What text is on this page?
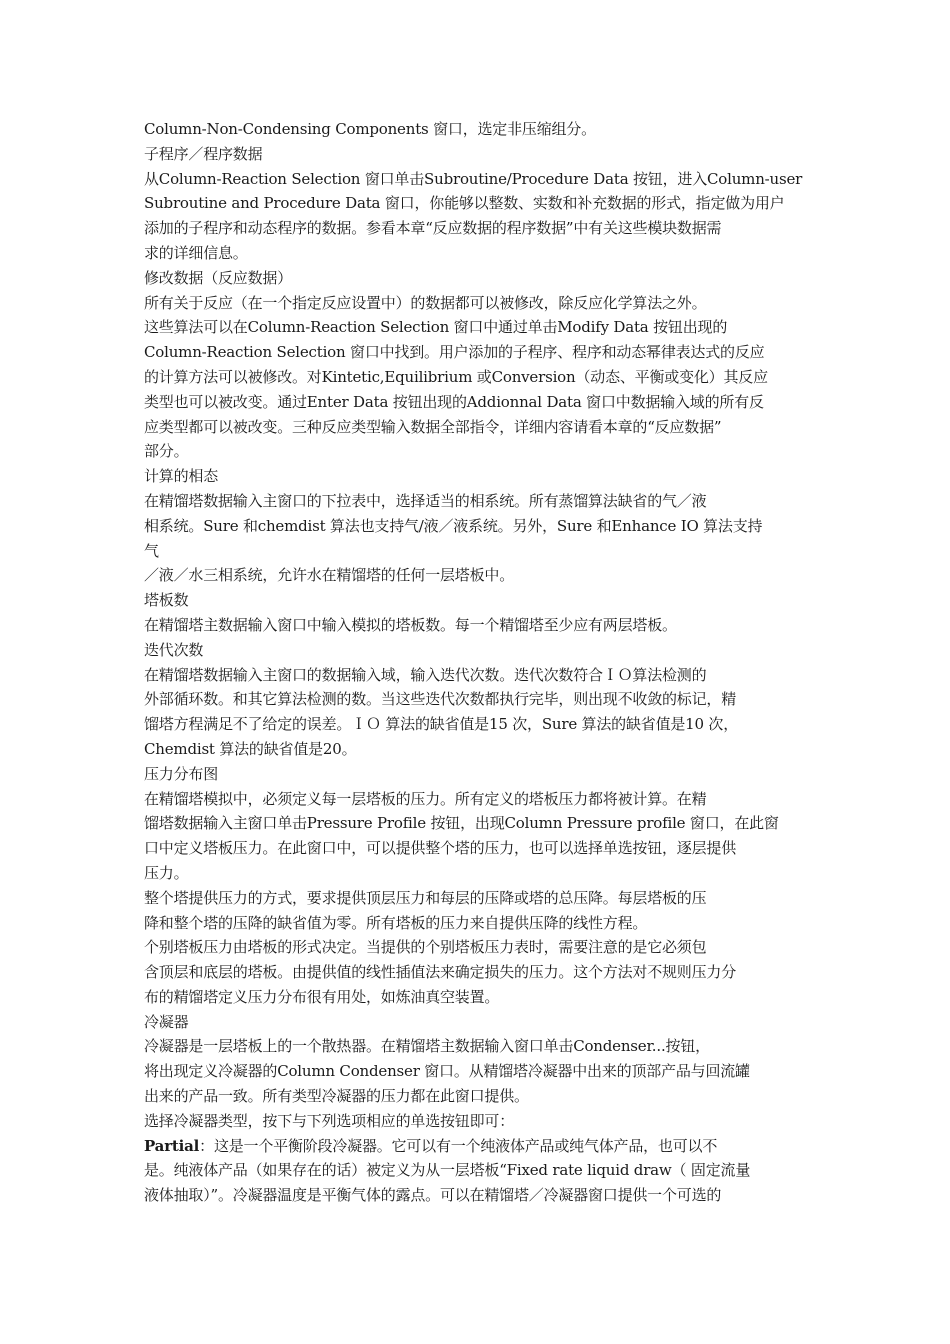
Column-Non-Condensing Components 窗口，选定非压缩组分。
子程序／程序数据
从Column-Reaction Selection 窗口单击Subroutine/Procedure Data 按钮，进入Column-user
Subroutine and Procedure Data 窗口，你能够以整数、实数和补充数据的形式，指定做为用户
添加的子程序和动态程序的数据。参看本章“反应数据的程序数据”中有关这些模块数据需
求的详细信息。
修改数据（反应数据）
所有关于反应（在一个指定反应设置中）的数据都可以被修改，除反应化学算法之外。
这些算法可以在Column-Reaction Selection 窗口中通过单击Modify Data 按钮出现的
Column-Reaction Selection 窗口中找到。用户添加的子程序、程序和动态幂律表达式的反应
的计算方法可以被修改。对Kintetic,Equilibrium 或Conversion（动态、平衡或变化）其反应
类型也可以被改变。通过Enter Data 按钮出现的Addionnal Data 窗口中数据输入域的所有反
应类型都可以被改变。三种反应类型输入数据全部指令，详细内容请看本章的“反应数据”
部分。
计算的相态
在精馏塔数据输入主窗口的下拉表中，选择适当的相系统。所有蒸馏算法缺省的气／液
相系统。Sure 和chemdist 算法也支持气/液／液系统。另外，Sure 和Enhance IO 算法支持
气
／液／水三相系统，允许水在精馏塔的任何一层塔板中。
塔板数
在精馏塔主数据输入窗口中输入模拟的塔板数。每一个精馏塔至少应有两层塔板。
迭代次数
在精馏塔数据输入主窗口的数据输入域，输入迭代次数。迭代次数符合ＩＯ算法检测的
外部循环数。和其它算法检测的数。当这些迭代次数都执行完毕，则出现不收敛的标记，精
馏塔方程满足不了给定的误差。ＩＯ 算法的缺省值是15 次，Sure 算法的缺省值是10 次，
Chemdist 算法的缺省值是20。
压力分布图
在精馏塔模拟中，必须定义每一层塔板的压力。所有定义的塔板压力都将被计算。在精
馏塔数据输入主窗口单击Pressure Profile 按钮，出现Column Pressure profile 窗口，在此窗
口中定义塔板压力。在此窗口中，可以提供整个塔的压力，也可以选择单选按钮，逐层提供
压力。
整个塔提供压力的方式，要求提供顶层压力和每层的压降或塔的总压降。每层塔板的压
降和整个塔的压降的缺省值为零。所有塔板的压力来自提供压降的线性方程。
个别塔板压力由塔板的形式决定。当提供的个别塔板压力表时，需要注意的是它必须包
含顶层和底层的塔板。由提供值的线性插值法来确定损失的压力。这个方法对不规则压力分
布的精馏塔定义压力分布很有用处，如炼油真空装置。
冷凝器
冷凝器是一层塔板上的一个散热器。在精馏塔主数据输入窗口单击Condenser...按钮，
将出现定义冷凝器的Column Condenser 窗口。从精馏塔冷凝器中出来的顶部产品与回流罐
出来的产品一致。所有类型冷凝器的压力都在此窗口提供。
选择冷凝器类型，按下与下列选项相应的单选按钮即可：
Partial：这是一个平衡阶段冷凝器。它可以有一个纯液体产品或纯气体产品，也可以不
是。纯液体产品（如果存在的话）被定义为从一层塔板“Fixed rate liquid draw（ 固定流量
液体抽取）”。冷凝器温度是平衡气体的露点。可以在精馏塔／冷凝器窗口提供一个可选的
